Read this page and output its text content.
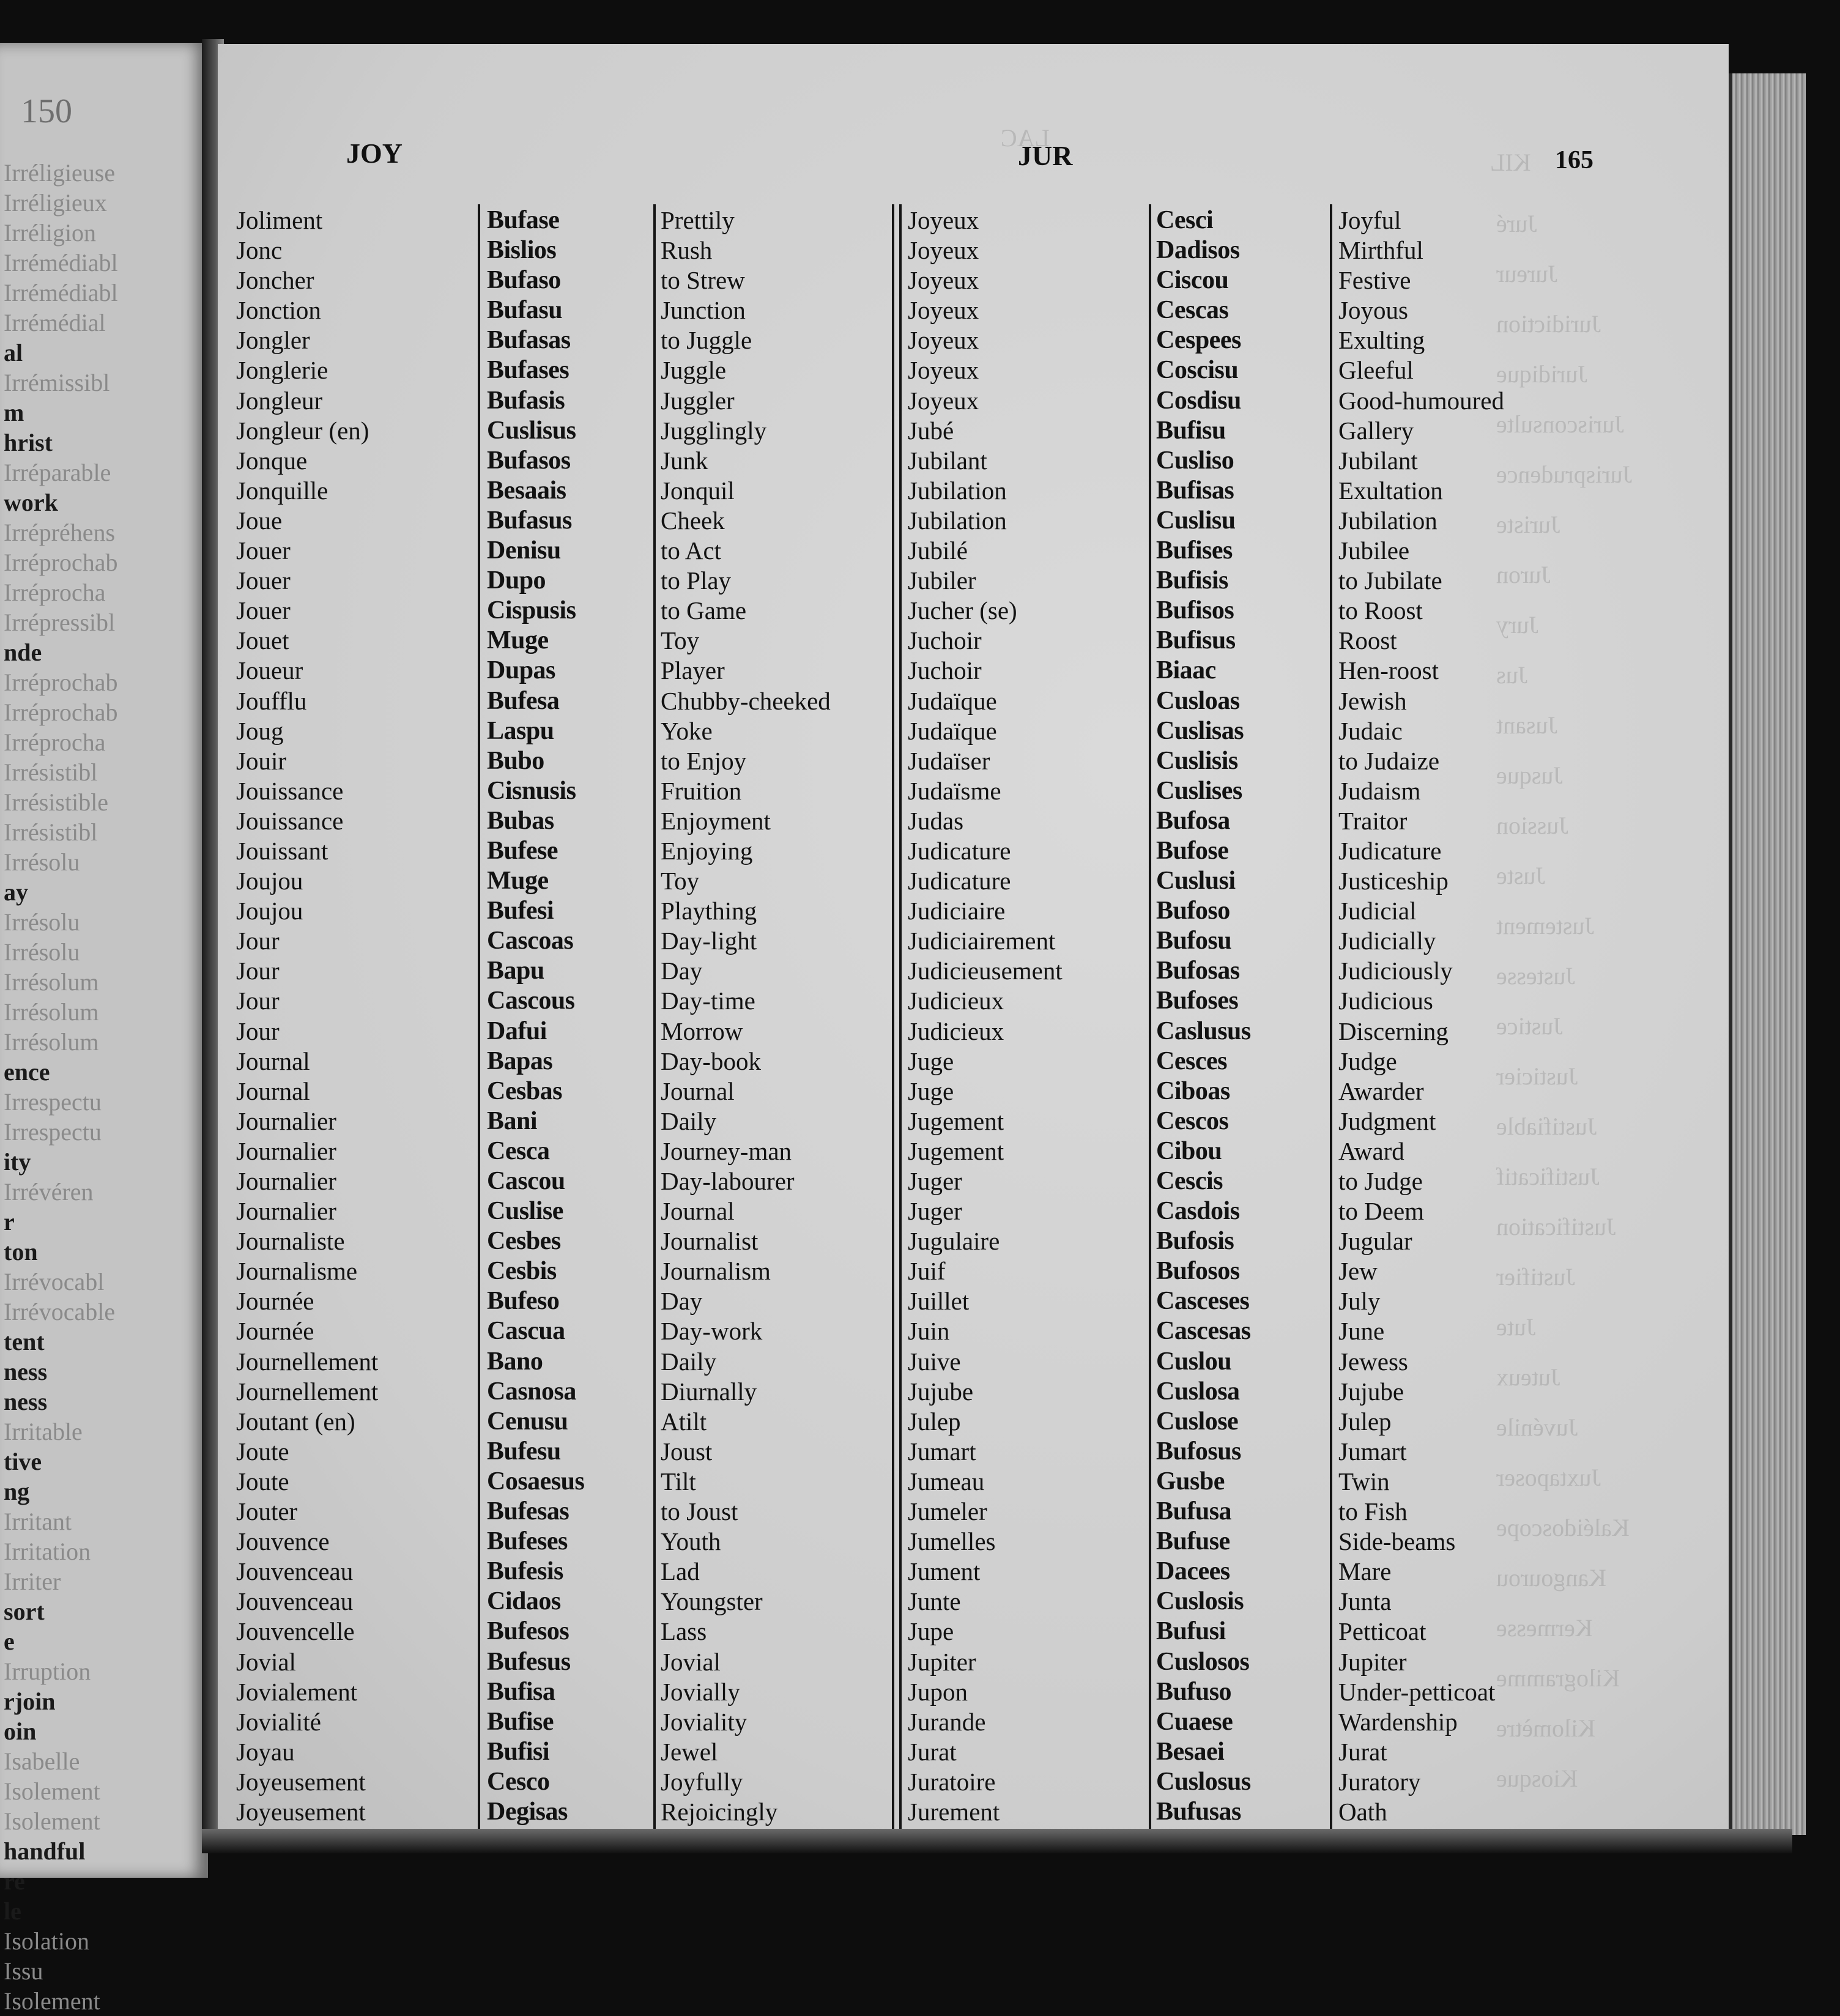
150
Irréligieuse
Irréligieux
Irréligion
Irrémédiabl
Irrémédiabl
Irrémédial
al
Irrémissibl
m
hrist
Irréparable
work
Irrépréhens
Irréprochab
Irréprocha
Irrépressibl
nde
Irréprochab
Irréprochab
Irréprocha
Irrésistibl
Irrésistible
Irrésistibl
Irrésolu
ay
Irrésolu
Irrésolu
Irrésolum
Irrésolum
Irrésolum
ence
Irrespectu
Irrespectu
ity
Irrévéren
r
ton
Irrévocabl
Irrévocable
tent
ness
ness
Irritable
tive
ng
Irritant
Irritation
Irriter
sort
e
Irruption
rjoin
oin
Isabelle
Isolement
Isolement
handful
re
le
Isolation
Issu
Isolement
LAC
KIL
Juré
Jureur
Juridiction
Juridique
Jurisconsulte
Jurisprudence
Juriste
Juron
Jury
Jus
Jusant
Jusque
Jussion
Juste
Justement
Justesse
Justice
Justicier
Justifiable
Justificatif
Justification
Justifier
Jute
Juteux
Juvénile
Juxtaposer
Kaléidoscope
Kangourou
Kermesse
Kilogramme
Kilomètre
Kiosque
JOY	JUR	165
Joliment
Jonc
Joncher
Jonction
Jongler
Jonglerie
Jongleur
Jongleur (en)
Jonque
Jonquille
Joue
Jouer
Jouer
Jouer
Jouet
Joueur
Joufflu
Joug
Jouir
Jouissance
Jouissance
Jouissant
Joujou
Joujou
Jour
Jour
Jour
Jour
Journal
Journal
Journalier
Journalier
Journalier
Journalier
Journaliste
Journalisme
Journée
Journée
Journellement
Journellement
Joutant (en)
Joute
Joute
Jouter
Jouvence
Jouvenceau
Jouvenceau
Jouvencelle
Jovial
Jovialement
Jovialité
Joyau
Joyeusement
Joyeusement
Bufase
Bislios
Bufaso
Bufasu
Bufasas
Bufases
Bufasis
Cuslisus
Bufasos
Besaais
Bufasus
Denisu
Dupo
Cispusis
Muge
Dupas
Bufesa
Laspu
Bubo
Cisnusis
Bubas
Bufese
Muge
Bufesi
Cascoas
Bapu
Cascous
Dafui
Bapas
Cesbas
Bani
Cesca
Cascou
Cuslise
Cesbes
Cesbis
Bufeso
Cascua
Bano
Casnosa
Cenusu
Bufesu
Cosaesus
Bufesas
Bufeses
Bufesis
Cidaos
Bufesos
Bufesus
Bufisa
Bufise
Bufisi
Cesco
Degisas
Prettily
Rush
to Strew
Junction
to Juggle
Juggle
Juggler
Jugglingly
Junk
Jonquil
Cheek
to Act
to Play
to Game
Toy
Player
Chubby-cheeked
Yoke
to Enjoy
Fruition
Enjoyment
Enjoying
Toy
Plaything
Day-light
Day
Day-time
Morrow
Day-book
Journal
Daily
Journey-man
Day-labourer
Journal
Journalist
Journalism
Day
Day-work
Daily
Diurnally
Atilt
Joust
Tilt
to Joust
Youth
Lad
Youngster
Lass
Jovial
Jovially
Joviality
Jewel
Joyfully
Rejoicingly
Joyeux
Joyeux
Joyeux
Joyeux
Joyeux
Joyeux
Joyeux
Jubé
Jubilant
Jubilation
Jubilation
Jubilé
Jubiler
Jucher (se)
Juchoir
Juchoir
Judaïque
Judaïque
Judaïser
Judaïsme
Judas
Judicature
Judicature
Judiciaire
Judiciairement
Judicieusement
Judicieux
Judicieux
Juge
Juge
Jugement
Jugement
Juger
Juger
Jugulaire
Juif
Juillet
Juin
Juive
Jujube
Julep
Jumart
Jumeau
Jumeler
Jumelles
Jument
Junte
Jupe
Jupiter
Jupon
Jurande
Jurat
Juratoire
Jurement
Cesci
Dadisos
Ciscou
Cescas
Cespees
Coscisu
Cosdisu
Bufisu
Cusliso
Bufisas
Cuslisu
Bufises
Bufisis
Bufisos
Bufisus
Biaac
Cusloas
Cuslisas
Cuslisis
Cuslises
Bufosa
Bufose
Cuslusi
Bufoso
Bufosu
Bufosas
Bufoses
Caslusus
Cesces
Ciboas
Cescos
Cibou
Cescis
Casdois
Bufosis
Bufosos
Casceses
Cascesas
Cuslou
Cuslosa
Cuslose
Bufosus
Gusbe
Bufusa
Bufuse
Dacees
Cuslosis
Bufusi
Cuslosos
Bufuso
Cuaese
Besaei
Cuslosus
Bufusas
Joyful
Mirthful
Festive
Joyous
Exulting
Gleeful
Good-humoured
Gallery
Jubilant
Exultation
Jubilation
Jubilee
to Jubilate
to Roost
Roost
Hen-roost
Jewish
Judaic
to Judaize
Judaism
Traitor
Judicature
Justiceship
Judicial
Judicially
Judiciously
Judicious
Discerning
Judge
Awarder
Judgment
Award
to Judge
to Deem
Jugular
Jew
July
June
Jewess
Jujube
Julep
Jumart
Twin
to Fish
Side-beams
Mare
Junta
Petticoat
Jupiter
Under-petticoat
Wardenship
Jurat
Juratory
Oath
